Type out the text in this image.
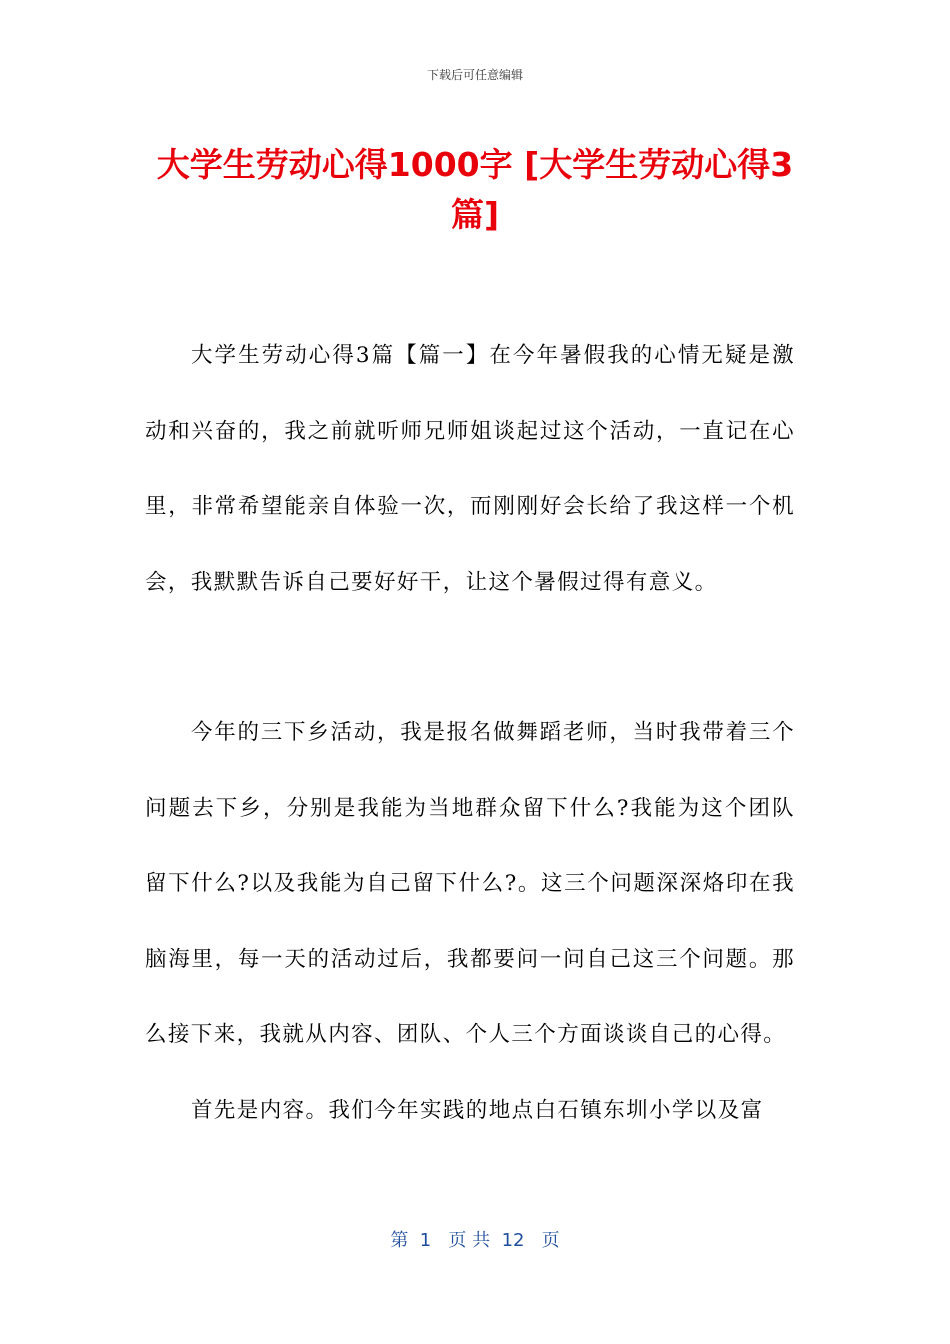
下载后可任意编辑
大学生劳动心得1000字 [大学生劳动心得3篇]

大学生劳动心得3篇【篇一】在今年暑假我的心情无疑是激动和兴奋的，我之前就听师兄师姐谈起过这个活动，一直记在心里，非常希望能亲自体验一次，而刚刚好会长给了我这样一个机会，我默默告诉自己要好好干，让这个暑假过得有意义。

今年的三下乡活动，我是报名做舞蹈老师，当时我带着三个问题去下乡，分别是我能为当地群众留下什么?我能为这个团队留下什么?以及我能为自己留下什么?。这三个问题深深烙印在我脑海里，每一天的活动过后，我都要问一问自己这三个问题。那么接下来，我就从内容、团队、个人三个方面谈谈自己的心得。

首先是内容。我们今年实践的地点白石镇东圳小学以及富

第  1   页 共  12   页
